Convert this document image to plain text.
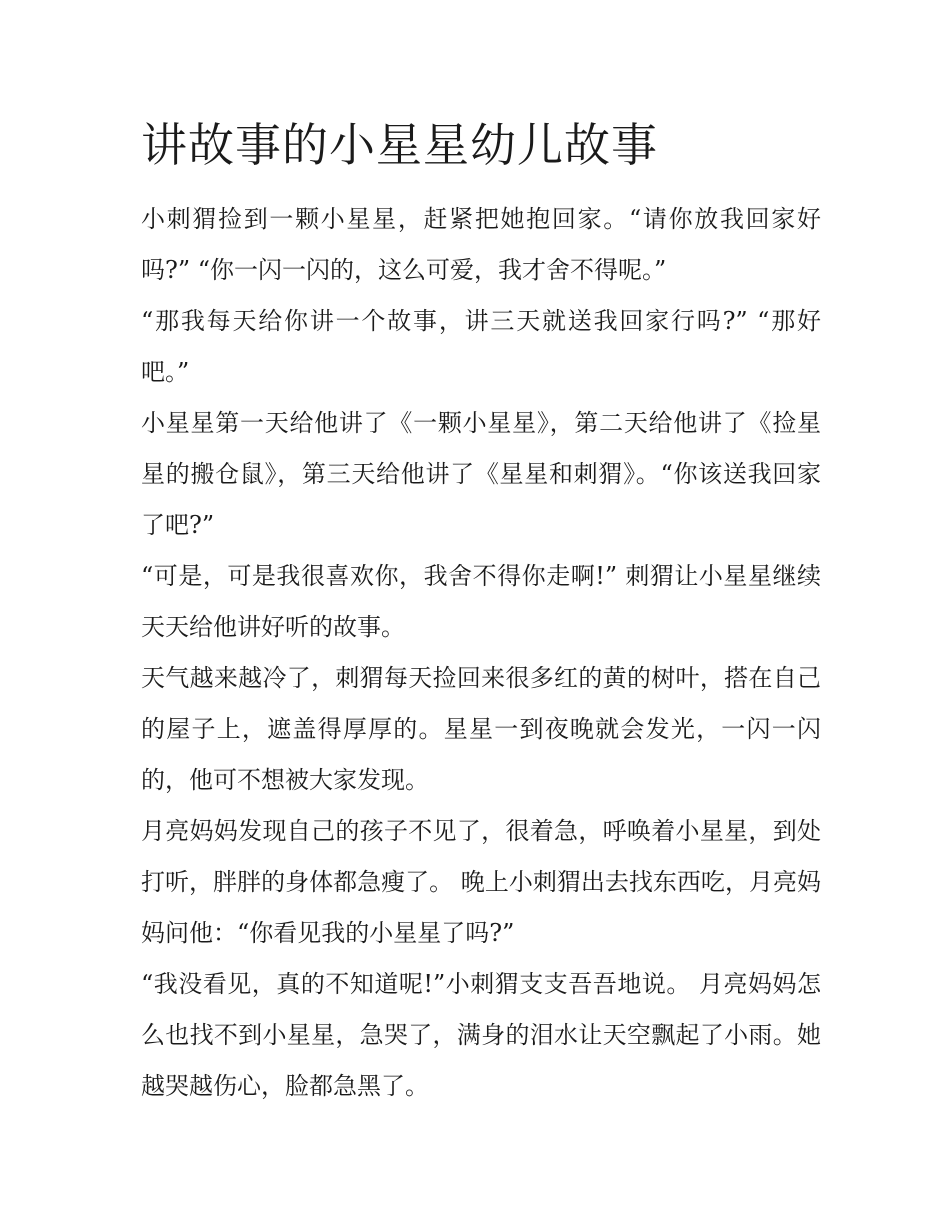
讲故事的小星星幼儿故事

小刺猬捡到一颗小星星，赶紧把她抱回家。“请你放我回家好吗?” “你一闪一闪的，这么可爱，我才舍不得呢。”

“那我每天给你讲一个故事，讲三天就送我回家行吗?” “那好吧。”

小星星第一天给他讲了《一颗小星星》，第二天给他讲了《捡星星的搬仓鼠》，第三天给他讲了《星星和刺猬》。“你该送我回家了吧?”

“可是，可是我很喜欢你，我舍不得你走啊!” 刺猬让小星星继续天天给他讲好听的故事。

天气越来越冷了，刺猬每天捡回来很多红的黄的树叶，搭在自己的屋子上，遮盖得厚厚的。星星一到夜晚就会发光，一闪一闪的，他可不想被大家发现。

月亮妈妈发现自己的孩子不见了，很着急，呼唤着小星星，到处打听，胖胖的身体都急瘦了。 晚上小刺猬出去找东西吃，月亮妈妈问他：“你看见我的小星星了吗?”

“我没看见，真的不知道呢!”小刺猬支支吾吾地说。 月亮妈妈怎么也找不到小星星，急哭了，满身的泪水让天空飘起了小雨。她越哭越伤心，脸都急黑了。
